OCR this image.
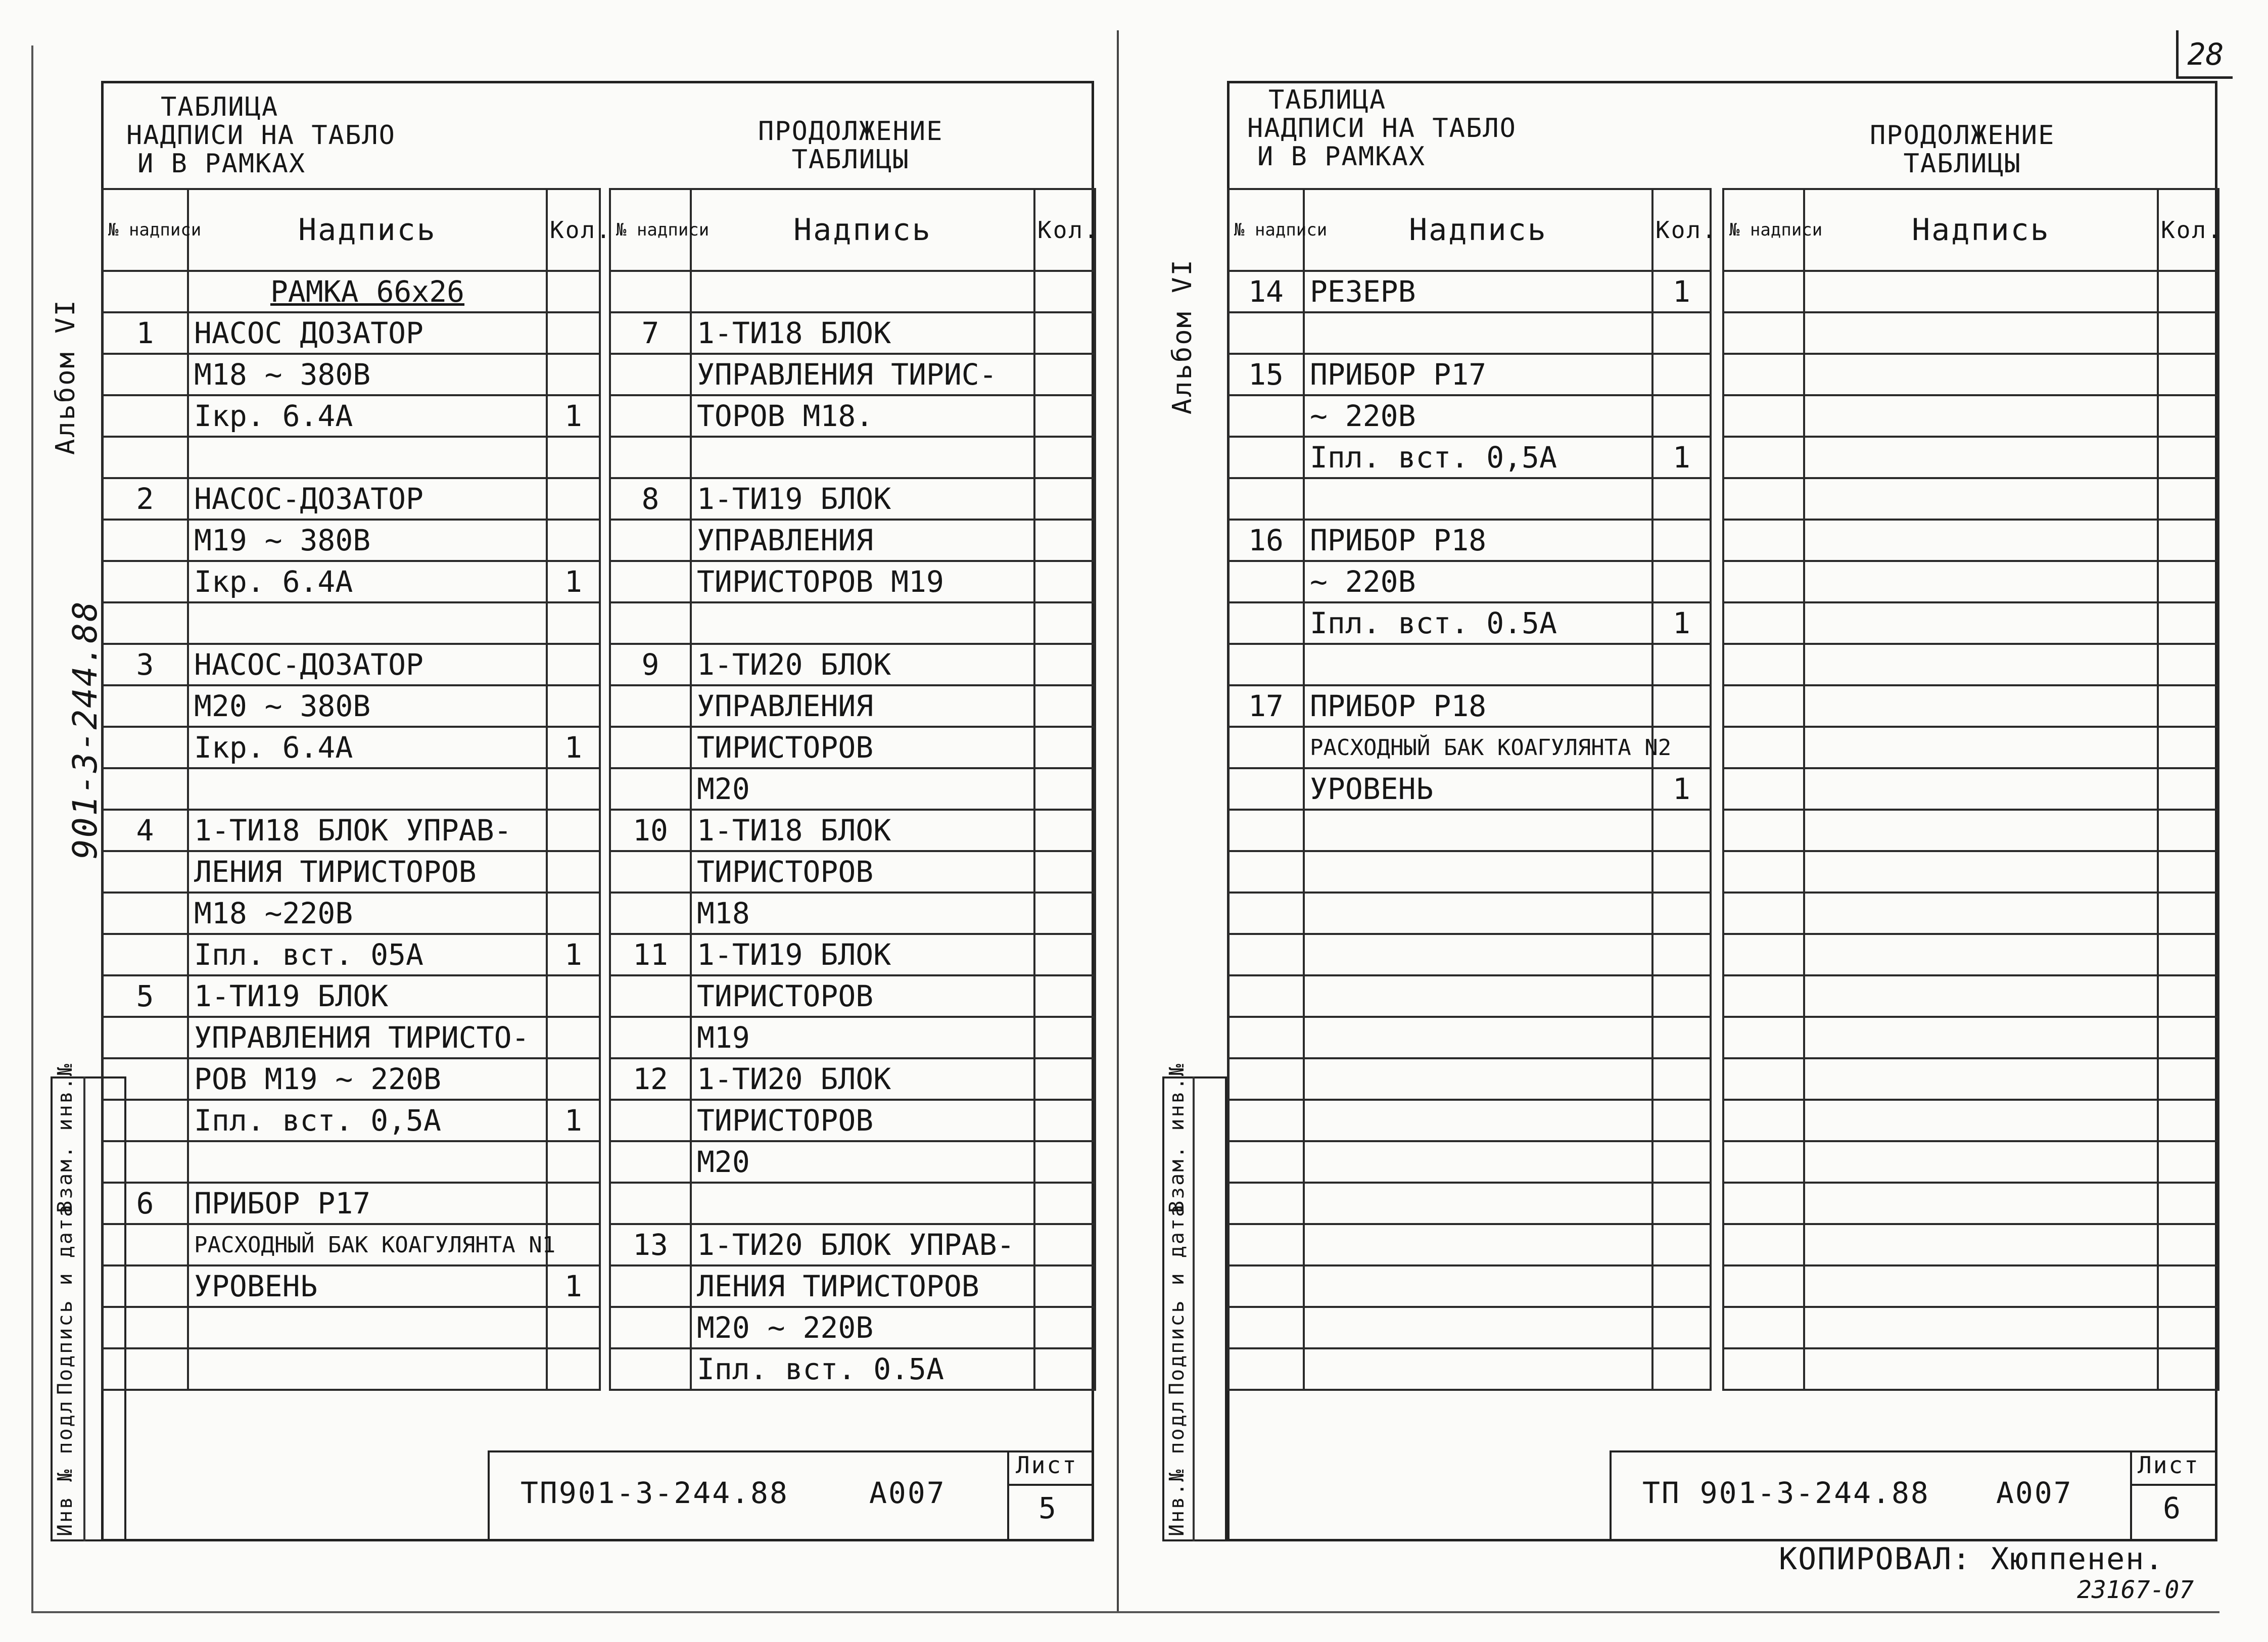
28
КОПИРОВАЛ: Хюппенен.
23167-07
ТАБЛИЦА
НАДПИСИ НА ТАБЛО
И В РАМКАХ
ПРОДОЛЖЕНИЕ
ТАБЛИЦЫ
Альбом VI
901-3-244.88
Инв № подл
Подпись и дата
Взам. инв.№
№ надписи	Надпись	Кол.
	РАМКА 66х26	
1	НАСОС ДОЗАТОР	
	М18 ~ 380В	
	Iкр. 6.4А	1

2	НАСОС-ДОЗАТОР	
	М19 ~ 380В	
	Iкр. 6.4А	1

3	НАСОС-ДОЗАТОР	
	М20 ~ 380В	
	Iкр. 6.4А	1

4	1-ТИ18 БЛОК УПРАВ-	
	ЛЕНИЯ ТИРИСТОРОВ	
	М18 ~220В	
	Iпл. вст. 05А	1
5	1-ТИ19 БЛОК	
	УПРАВЛЕНИЯ ТИРИСТО-	
	РОВ М19 ~ 220В	
	Iпл. вст. 0,5А	1

6	ПРИБОР Р17	
	РАСХОДНЫЙ БАК КОАГУЛЯНТА N1	
	УРОВЕНЬ	1

№ надписи	Надпись	Кол.

7	1-ТИ18 БЛОК	
	УПРАВЛЕНИЯ ТИРИС-	
	ТОРОВ М18.	

8	1-ТИ19 БЛОК	
	УПРАВЛЕНИЯ	
	ТИРИСТОРОВ М19	

9	1-ТИ20 БЛОК	
	УПРАВЛЕНИЯ	
	ТИРИСТОРОВ	
	М20	
10	1-ТИ18 БЛОК	
	ТИРИСТОРОВ	
	М18	
11	1-ТИ19 БЛОК	
	ТИРИСТОРОВ	
	М19	
12	1-ТИ20 БЛОК	
	ТИРИСТОРОВ	
	М20	

13	1-ТИ20 БЛОК УПРАВ-	
	ЛЕНИЯ ТИРИСТОРОВ	
	М20 ~ 220В	
	Iпл. вст. 0.5А	
ТП901-3-244.88	А007
Лист
5
ТАБЛИЦА
НАДПИСИ НА ТАБЛО
И В РАМКАХ
ПРОДОЛЖЕНИЕ
ТАБЛИЦЫ
Альбом VI
Инв.№ подл
Подпись и дата
Взам. инв.№
№ надписи	Надпись	Кол.
14	РЕЗЕРВ	1

15	ПРИБОР Р17	
	~ 220В	
	Iпл. вст. 0,5А	1

16	ПРИБОР Р18	
	~ 220В	
	Iпл. вст. 0.5А	1

17	ПРИБОР Р18	
	РАСХОДНЫЙ БАК КОАГУЛЯНТА N2	
	УРОВЕНЬ	1

№ надписи	Надпись	Кол.

ТП 901-3-244.88 А007
Лист
6
